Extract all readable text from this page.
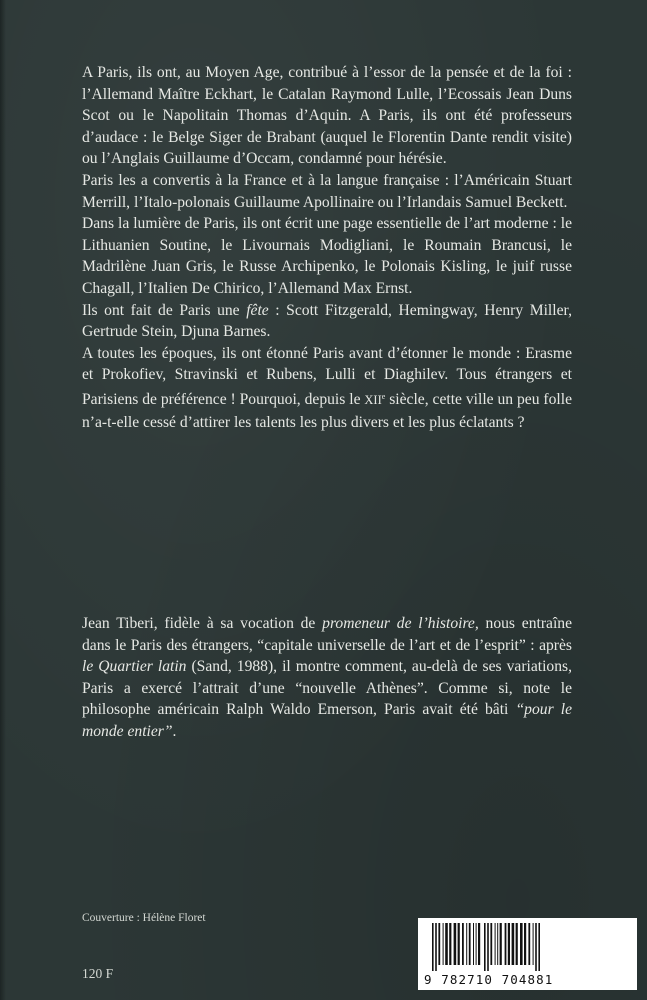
A Paris, ils ont, au Moyen Age, contribué à l’essor de la pensée et de la foi : l’Allemand Maître Eckhart, le Catalan Raymond Lulle, l’Ecossais Jean Duns Scot ou le Napolitain Thomas d’Aquin. A Paris, ils ont été professeurs d’audace : le Belge Siger de Brabant (auquel le Florentin Dante rendit visite) ou l’Anglais Guillaume d’Occam, condamné pour hérésie.

Paris les a convertis à la France et à la langue française : l’Américain Stuart Merrill, l’Italo-polonais Guillaume Apollinaire ou l’Irlandais Samuel Beckett.

Dans la lumière de Paris, ils ont écrit une page essentielle de l’art moderne : le Lithuanien Soutine, le Livournais Modigliani, le Roumain Brancusi, le Madrilène Juan Gris, le Russe Archipenko, le Polonais Kisling, le juif russe Chagall, l’Italien De Chirico, l’Allemand Max Ernst.

Ils ont fait de Paris une fête : Scott Fitzgerald, Hemingway, Henry Miller, Gertrude Stein, Djuna Barnes.

A toutes les époques, ils ont étonné Paris avant d’étonner le monde : Erasme et Prokofiev, Stravinski et Rubens, Lulli et Diaghilev. Tous étrangers et Parisiens de préférence ! Pourquoi, depuis le XIIe siècle, cette ville un peu folle n’a-t-elle cessé d’attirer les talents les plus divers et les plus éclatants ?

Jean Tiberi, fidèle à sa vocation de promeneur de l’histoire, nous entraîne dans le Paris des étrangers, “capitale universelle de l’art et de l’esprit” : après le Quartier latin (Sand, 1988), il montre comment, au-delà de ses variations, Paris a exercé l’attrait d’une “nouvelle Athènes”. Comme si, note le philosophe américain Ralph Waldo Emerson, Paris avait été bâti “pour le monde entier”.

Couverture : Hélène Floret
120 F	9 782710 704881
